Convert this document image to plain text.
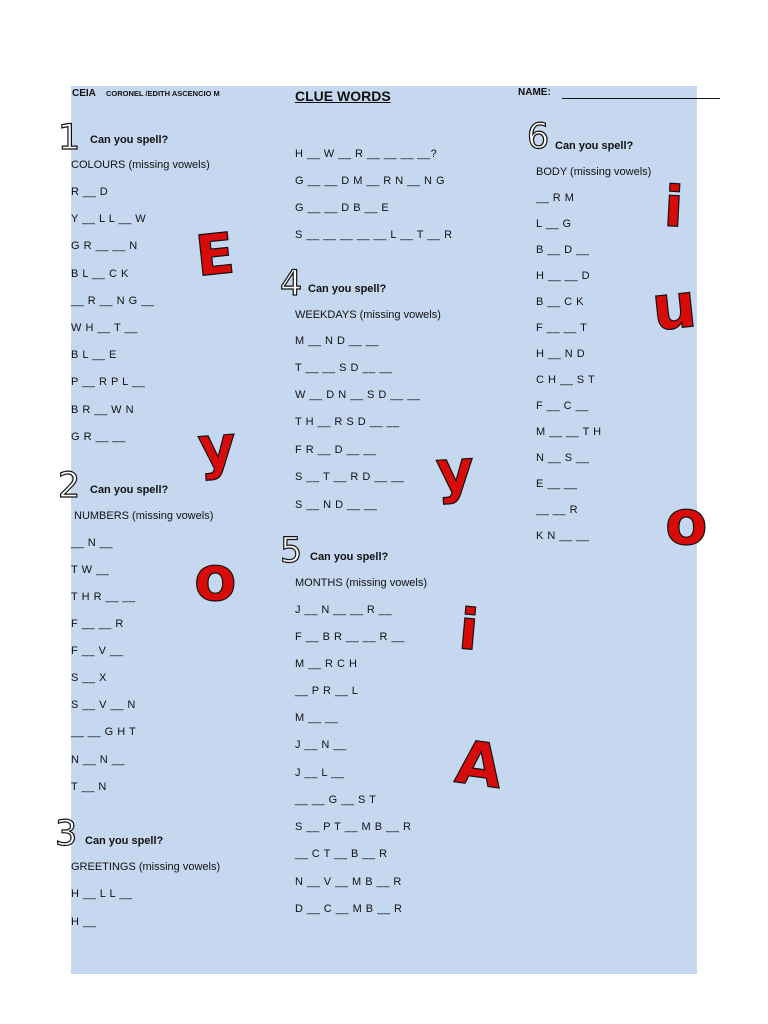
CEIA CORONEL /EDITH ASCENCIO M	CLUE WORDS	NAME:
1 Can you spell?
COLOURS (missing vowels)
R __ D
Y __ L L __ W
G R __ __ N
B L __ C K
__ R __ N G __
W H __ T __
B L __ E
P __ R P L __
B R __ W N
G R __ __
2 Can you spell?
NUMBERS (missing vowels)
__ N __
T W __
T H R __ __
F __ __ R
F __ V __
S __ X
S __ V __ N
__ __ G H T
N __ N __
T __ N
3 Can you spell?
GREETINGS (missing vowels)
H __ L L __
H __
H __ W __ R __ __ __ __?
G __ __ D M __ R N __ N G
G __ __ D B __ E
S __ __ __ __ __ L __ T __ R
4 Can you spell?
WEEKDAYS (missing vowels)
M __ N D __ __
T __ __ S D __ __
W __ D N __ S D __ __
T H __ R S D __ __
F R __ D __ __
S __ T __ R D __ __
S __ N D __ __
5 Can you spell?
MONTHS (missing vowels)
J __ N __ __ R __
F __ B R __ __ R __
M __ R C H
__ P R __ L
M __ __
J __ N __
J __ L __
__ __ G __ S T
S __ P T __ M B __ R
__ C T __ B __ R
N __ V __ M B __ R
D __ C __ M B __ R
6 Can you spell?
BODY (missing vowels)
__ R M
L __ G
B __ D __
H __ __ D
B __ C K
F __ __ T
H __ N D
C H __ S T
F __ C __
M __ __ T H
N __ S __
E __ __
__ __ R
K N __ __
E
y
o
y
i
A
i
u
o
